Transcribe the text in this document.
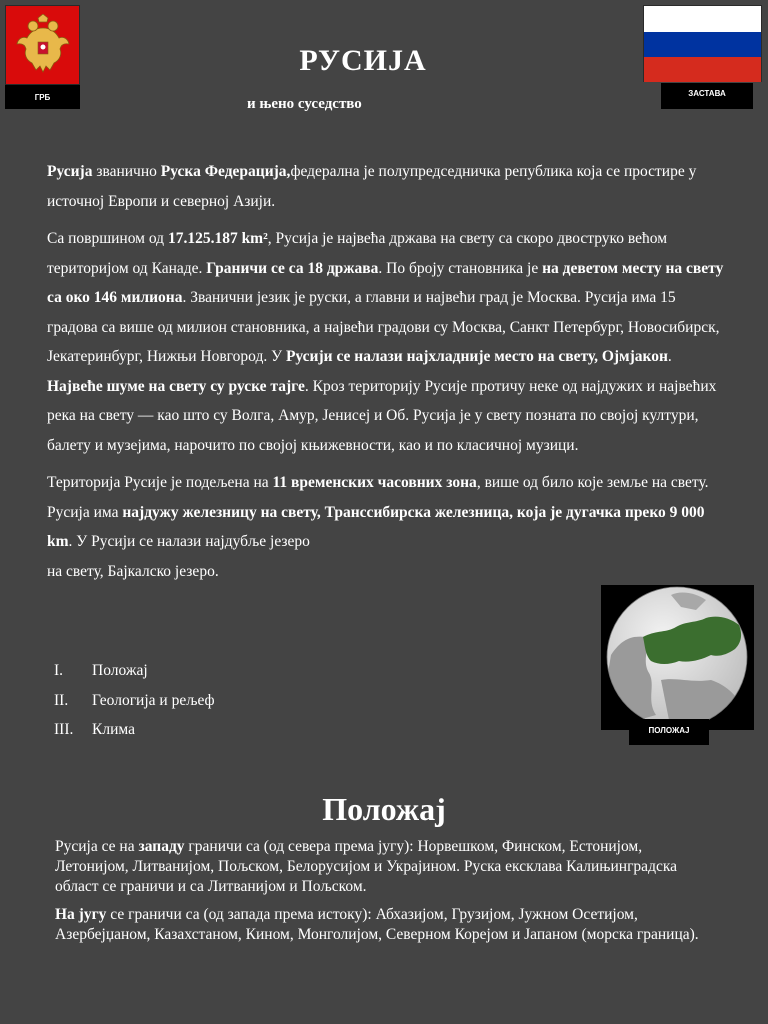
ГРБ	ЗАСТАВА
РУСИЈА
и њено суседство

Русија званично Руска Федерација,федерална је полупредседничка република која се простире у источној Европи и северној Азији.

Са површином од 17.125.187 km², Русија је највећа држава на свету са скоро двоструко већом територијом од Канаде. Граничи се са 18 држава. По броју становника је на деветом месту на свету са око 146 милиона. Званични језик је руски, а главни и највећи град је Москва. Русија има 15 градова са више од милион становника, а највећи градови су Москва, Санкт Петербург, Новосибирск, Јекатеринбург, Нижњи Новгород. У Русији се налази најхладније место на свету, Ојмјакон. Највеће шуме на свету су руске тајге. Кроз територију Русије протичу неке од најдужих и највећих река на свету — као што су Волга, Амур, Јенисеј и Об. Русија је у свету позната по својој култури, балету и музејима, нарочито по својој књижевности, као и по класичној музици.

Територија Русије је подељена на 11 временских часовних зона, више од било које земље на свету. Русија има најдужу железницу на свету, Транссибирска железница, која је дугачка преко 9 000 km. У Русији се налази најдубље језеро
на свету, Бајкалско језеро.

I. Положај
II. Геологија и рељеф
III. Клима	ПОЛОЖАЈ
Положај

Русија се на западу граничи са (од севера према југу): Норвешком, Финском, Естонијом, Летонијом, Литванијом, Пољском, Белорусијом и Украјином. Руска ексклава Калињинградска област се граничи и са Литванијом и Пољском.

На југу се граничи са (од запада према истоку): Абхазијом, Грузијом, Јужном Осетијом, Азербејџаном, Казахстаном, Кином, Монголијом, Северном Корејом и Јапаном (морска граница).
